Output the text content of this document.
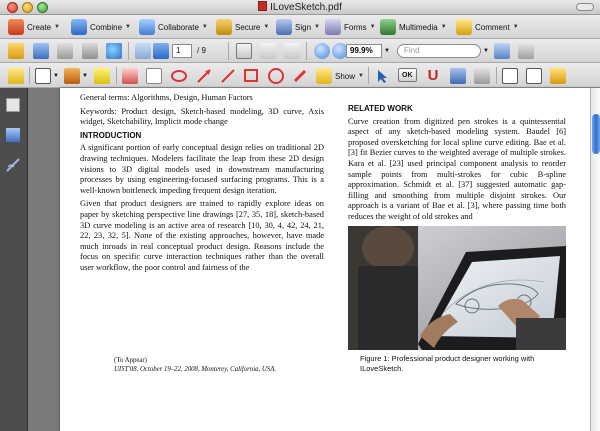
ILoveSketch.pdf
Create ▼	Combine ▼	Collaborate ▼	Secure ▼	Sign ▼	Forms ▼	Multimedia ▼	Comment ▼
1	/ 9	99.9%	▼	Find	▼
▼	▼	Show ▼	OK U

General terms: Algorithms, Design, Human Factors

Keywords: Product design, Sketch-based modeling, 3D curve, Axis widget, Sketchability, Implicit mode change

INTRODUCTION

A significant portion of early conceptual design relies on traditional 2D drawing techniques. Modelers facilitate the leap from these 2D design visions to 3D digital models used in downstream manufacturing processes by using engineering-focused surfacing programs. This is a well-known bottleneck impeding frequent design iteration.

Given that product designers are trained to rapidly explore ideas on paper by sketching perspective line drawings [27, 35, 18], sketch-based 3D curve modeling is an active area of research [10, 30, 4, 42, 24, 21, 22, 23, 32, 5]. None of the existing approaches, however, have made much inroads in real conceptual product design. Reasons include the focus on specific curve interaction techniques rather than the overall user workflow, the poor control and fairness of the

(To Appear)
UIST'08, October 19–22, 2008, Monterey, California, USA.
RELATED WORK

Curve creation from digitized pen strokes is a quintessential aspect of any sketch-based modeling system. Baudel [6] proposed oversketching for local spline curve editing. Bae et al. [3] fit Bezier curves to the weighted average of multiple strokes. Kara et al. [23] used principal component analysis to reorder sample points from multi-strokes for cubic B-spline approximation. Schmidt et al. [37] suggested automatic gap-filling and smoothing from multiple disjoint strokes. Our approach is a variant of Bae et al. [3], where passing time both reduces the weight of old strokes and

Figure 1: Professional product designer working with ILoveSketch.
